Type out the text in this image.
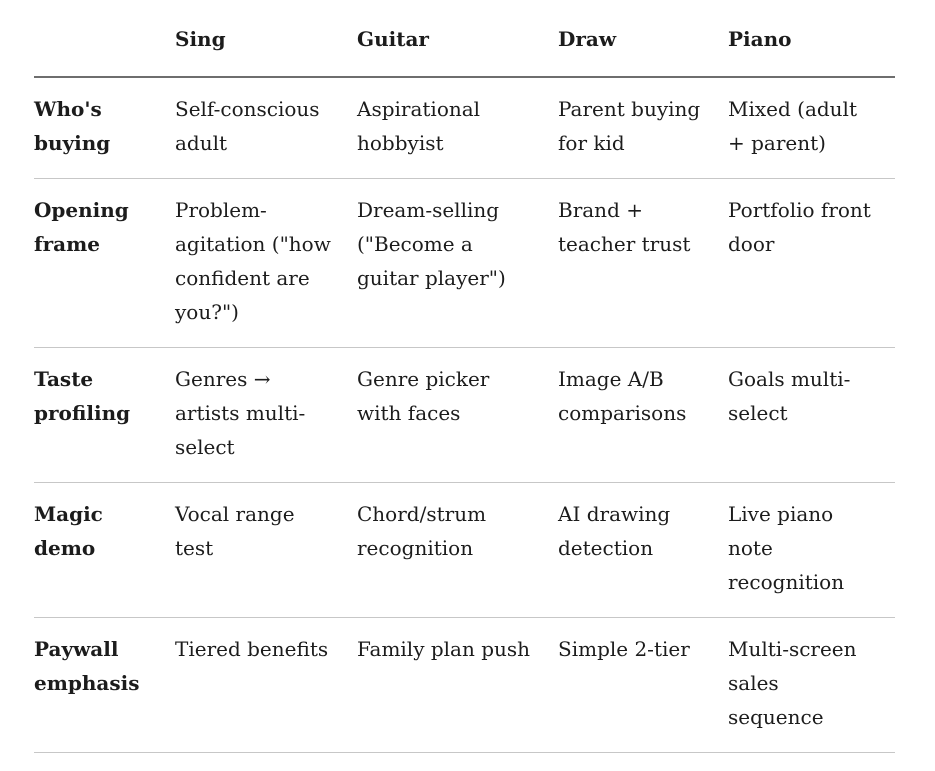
	Sing	Guitar	Draw	Piano
Who's buying	Self-conscious adult	Aspirational hobbyist	Parent buying for kid	Mixed (adult + parent)
Opening frame	Problem-agitation ("how confident are you?")	Dream-selling ("Become a guitar player")	Brand + teacher trust	Portfolio front door
Taste profiling	Genres → artists multi-select	Genre picker with faces	Image A/B comparisons	Goals multi-select
Magic demo	Vocal range test	Chord/strum recognition	AI drawing detection	Live piano note recognition
Paywall emphasis	Tiered benefits	Family plan push	Simple 2-tier	Multi-screen sales sequence
